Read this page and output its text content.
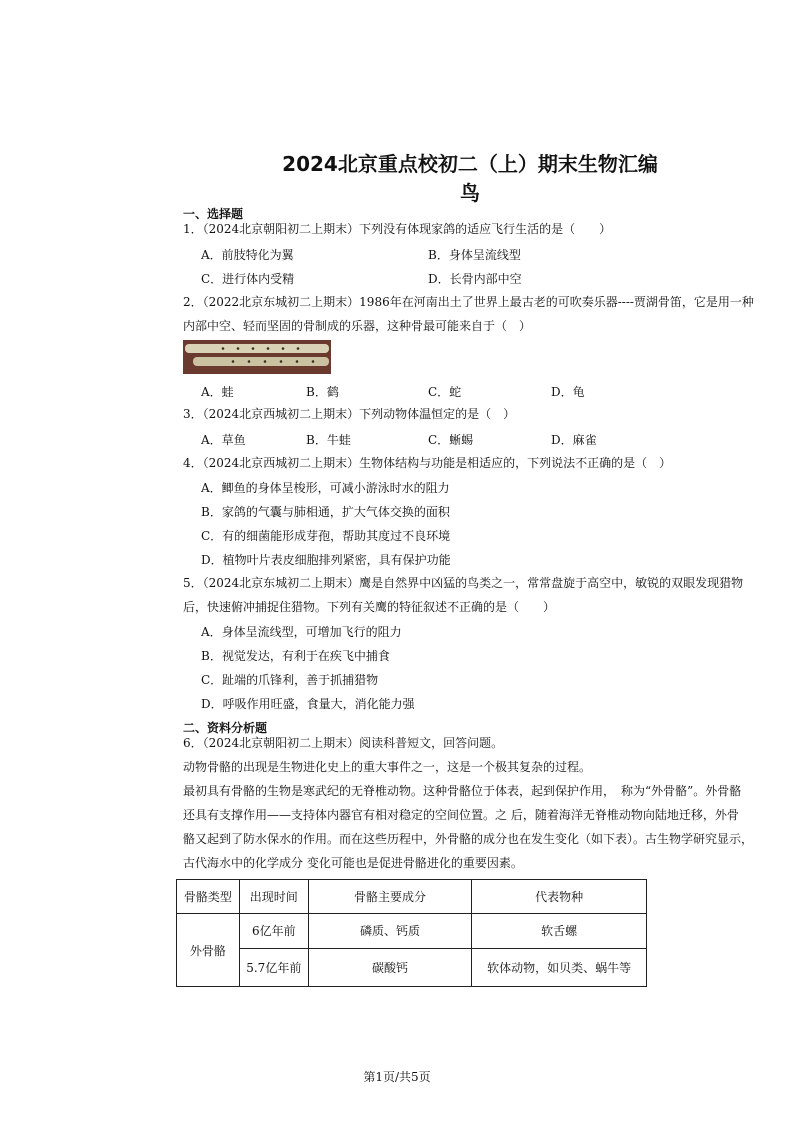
2024北京重点校初二（上）期末生物汇编
鸟
一、选择题
1．（2024北京朝阳初二上期末）下列没有体现家鸽的适应飞行生活的是（　　）
A．前肢特化为翼	B．身体呈流线型
C．进行体内受精	D．长骨内部中空
2．（2022北京东城初二上期末）1986年在河南出土了世界上最古老的可吹奏乐器----贾湖骨笛，它是用一种
内部中空、轻而坚固的骨制成的乐器，这种骨最可能来自于（　）
A．蛙	B．鹤	C．蛇	D．龟
3．（2024北京西城初二上期末）下列动物体温恒定的是（　）
A．草鱼	B．牛蛙	C．蜥蜴	D．麻雀
4．（2024北京西城初二上期末）生物体结构与功能是相适应的，下列说法不正确的是（　）
A．鲫鱼的身体呈梭形，可减小游泳时水的阻力
B．家鸽的气囊与肺相通，扩大气体交换的面积
C．有的细菌能形成芽孢，帮助其度过不良环境
D．植物叶片表皮细胞排列紧密，具有保护功能
5．（2024北京东城初二上期末）鹰是自然界中凶猛的鸟类之一，常常盘旋于高空中，敏锐的双眼发现猎物
后，快速俯冲捕捉住猎物。下列有关鹰的特征叙述不正确的是（　　）
A．身体呈流线型，可增加飞行的阻力
B．视觉发达，有利于在疾飞中捕食
C．趾端的爪锋利，善于抓捕猎物
D．呼吸作用旺盛，食量大，消化能力强
二、资料分析题
6．（2024北京朝阳初二上期末）阅读科普短文，回答问题。
动物骨骼的出现是生物进化史上的重大事件之一，这是一个极其复杂的过程。
最初具有骨骼的生物是寒武纪的无脊椎动物。这种骨骼位于体表，起到保护作用，　称为“外骨骼”。外骨骼
还具有支撑作用——支持体内器官有相对稳定的空间位置。之 后，随着海洋无脊椎动物向陆地迁移，外骨
骼又起到了防水保水的作用。而在这些历程中，外骨骼的成分也在发生变化（如下表）。古生物学研究显示，
古代海水中的化学成分 变化可能也是促进骨骼进化的重要因素。
骨骼类型	出现时间	骨骼主要成分	代表物种
外骨骼	6亿年前	磷质、钙质	软舌螺
	5.7亿年前	碳酸钙	软体动物，如贝类、蜗牛等
第1页/共5页
